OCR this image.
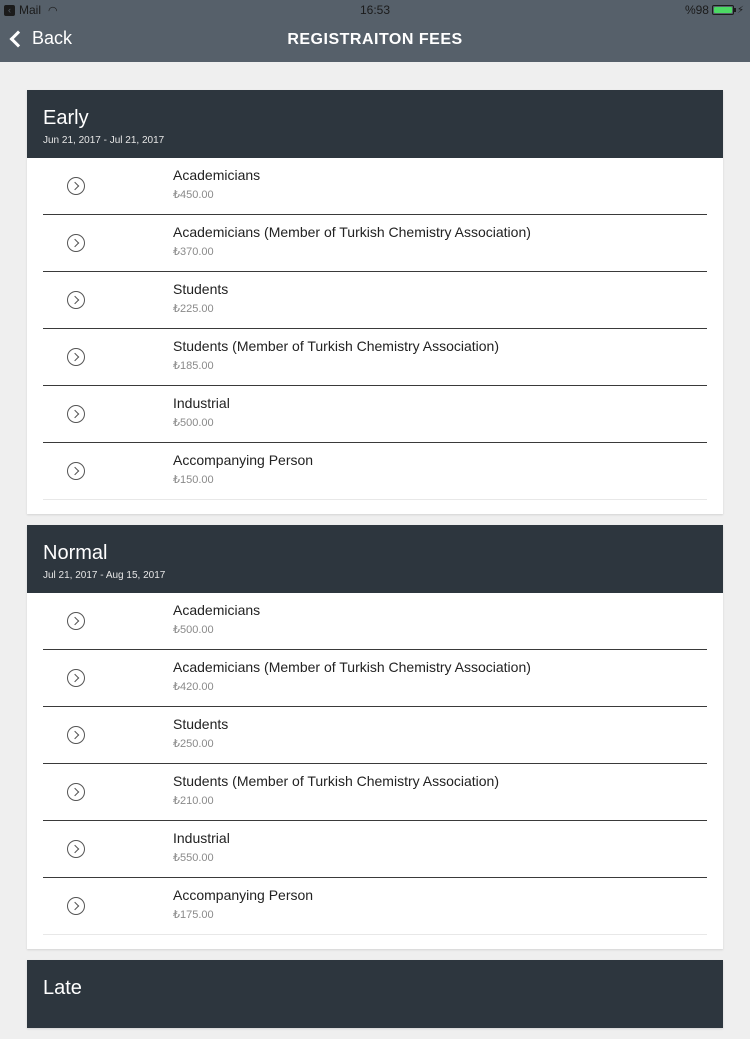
‹ Mail ◠	16:53	%98	⚡
Back	REGISTRAITON FEES
Early
Jun 21, 2017 - Jul 21, 2017
Academicians
₺450.00
Academicians (Member of Turkish Chemistry Association)
₺370.00
Students
₺225.00
Students (Member of Turkish Chemistry Association)
₺185.00
Industrial
₺500.00
Accompanying Person
₺150.00
Normal
Jul 21, 2017 - Aug 15, 2017
Academicians
₺500.00
Academicians (Member of Turkish Chemistry Association)
₺420.00
Students
₺250.00
Students (Member of Turkish Chemistry Association)
₺210.00
Industrial
₺550.00
Accompanying Person
₺175.00
Late
